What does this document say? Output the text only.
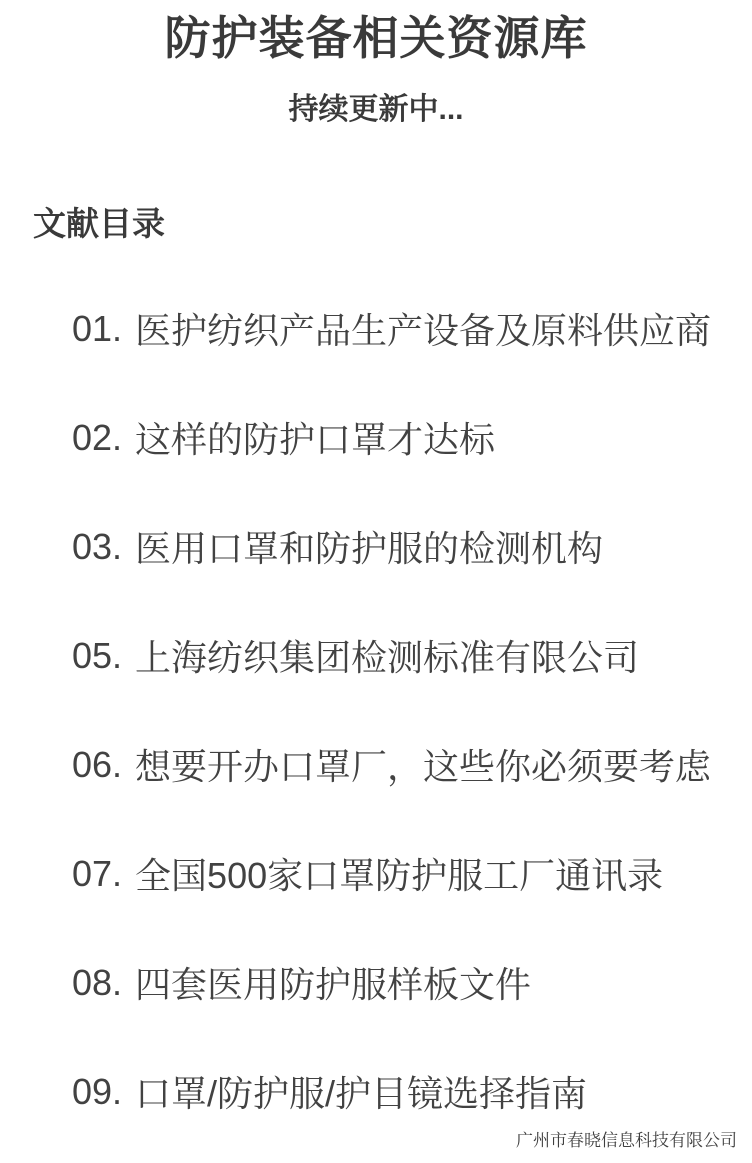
防护装备相关资源库
持续更新中...
文献目录
01. 医护纺织产品生产设备及原料供应商
02. 这样的防护口罩才达标
03. 医用口罩和防护服的检测机构
05. 上海纺织集团检测标准有限公司
06. 想要开办口罩厂，这些你必须要考虑
07. 全国500家口罩防护服工厂通讯录
08. 四套医用防护服样板文件
09. 口罩/防护服/护目镜选择指南
广州市春晓信息科技有限公司
